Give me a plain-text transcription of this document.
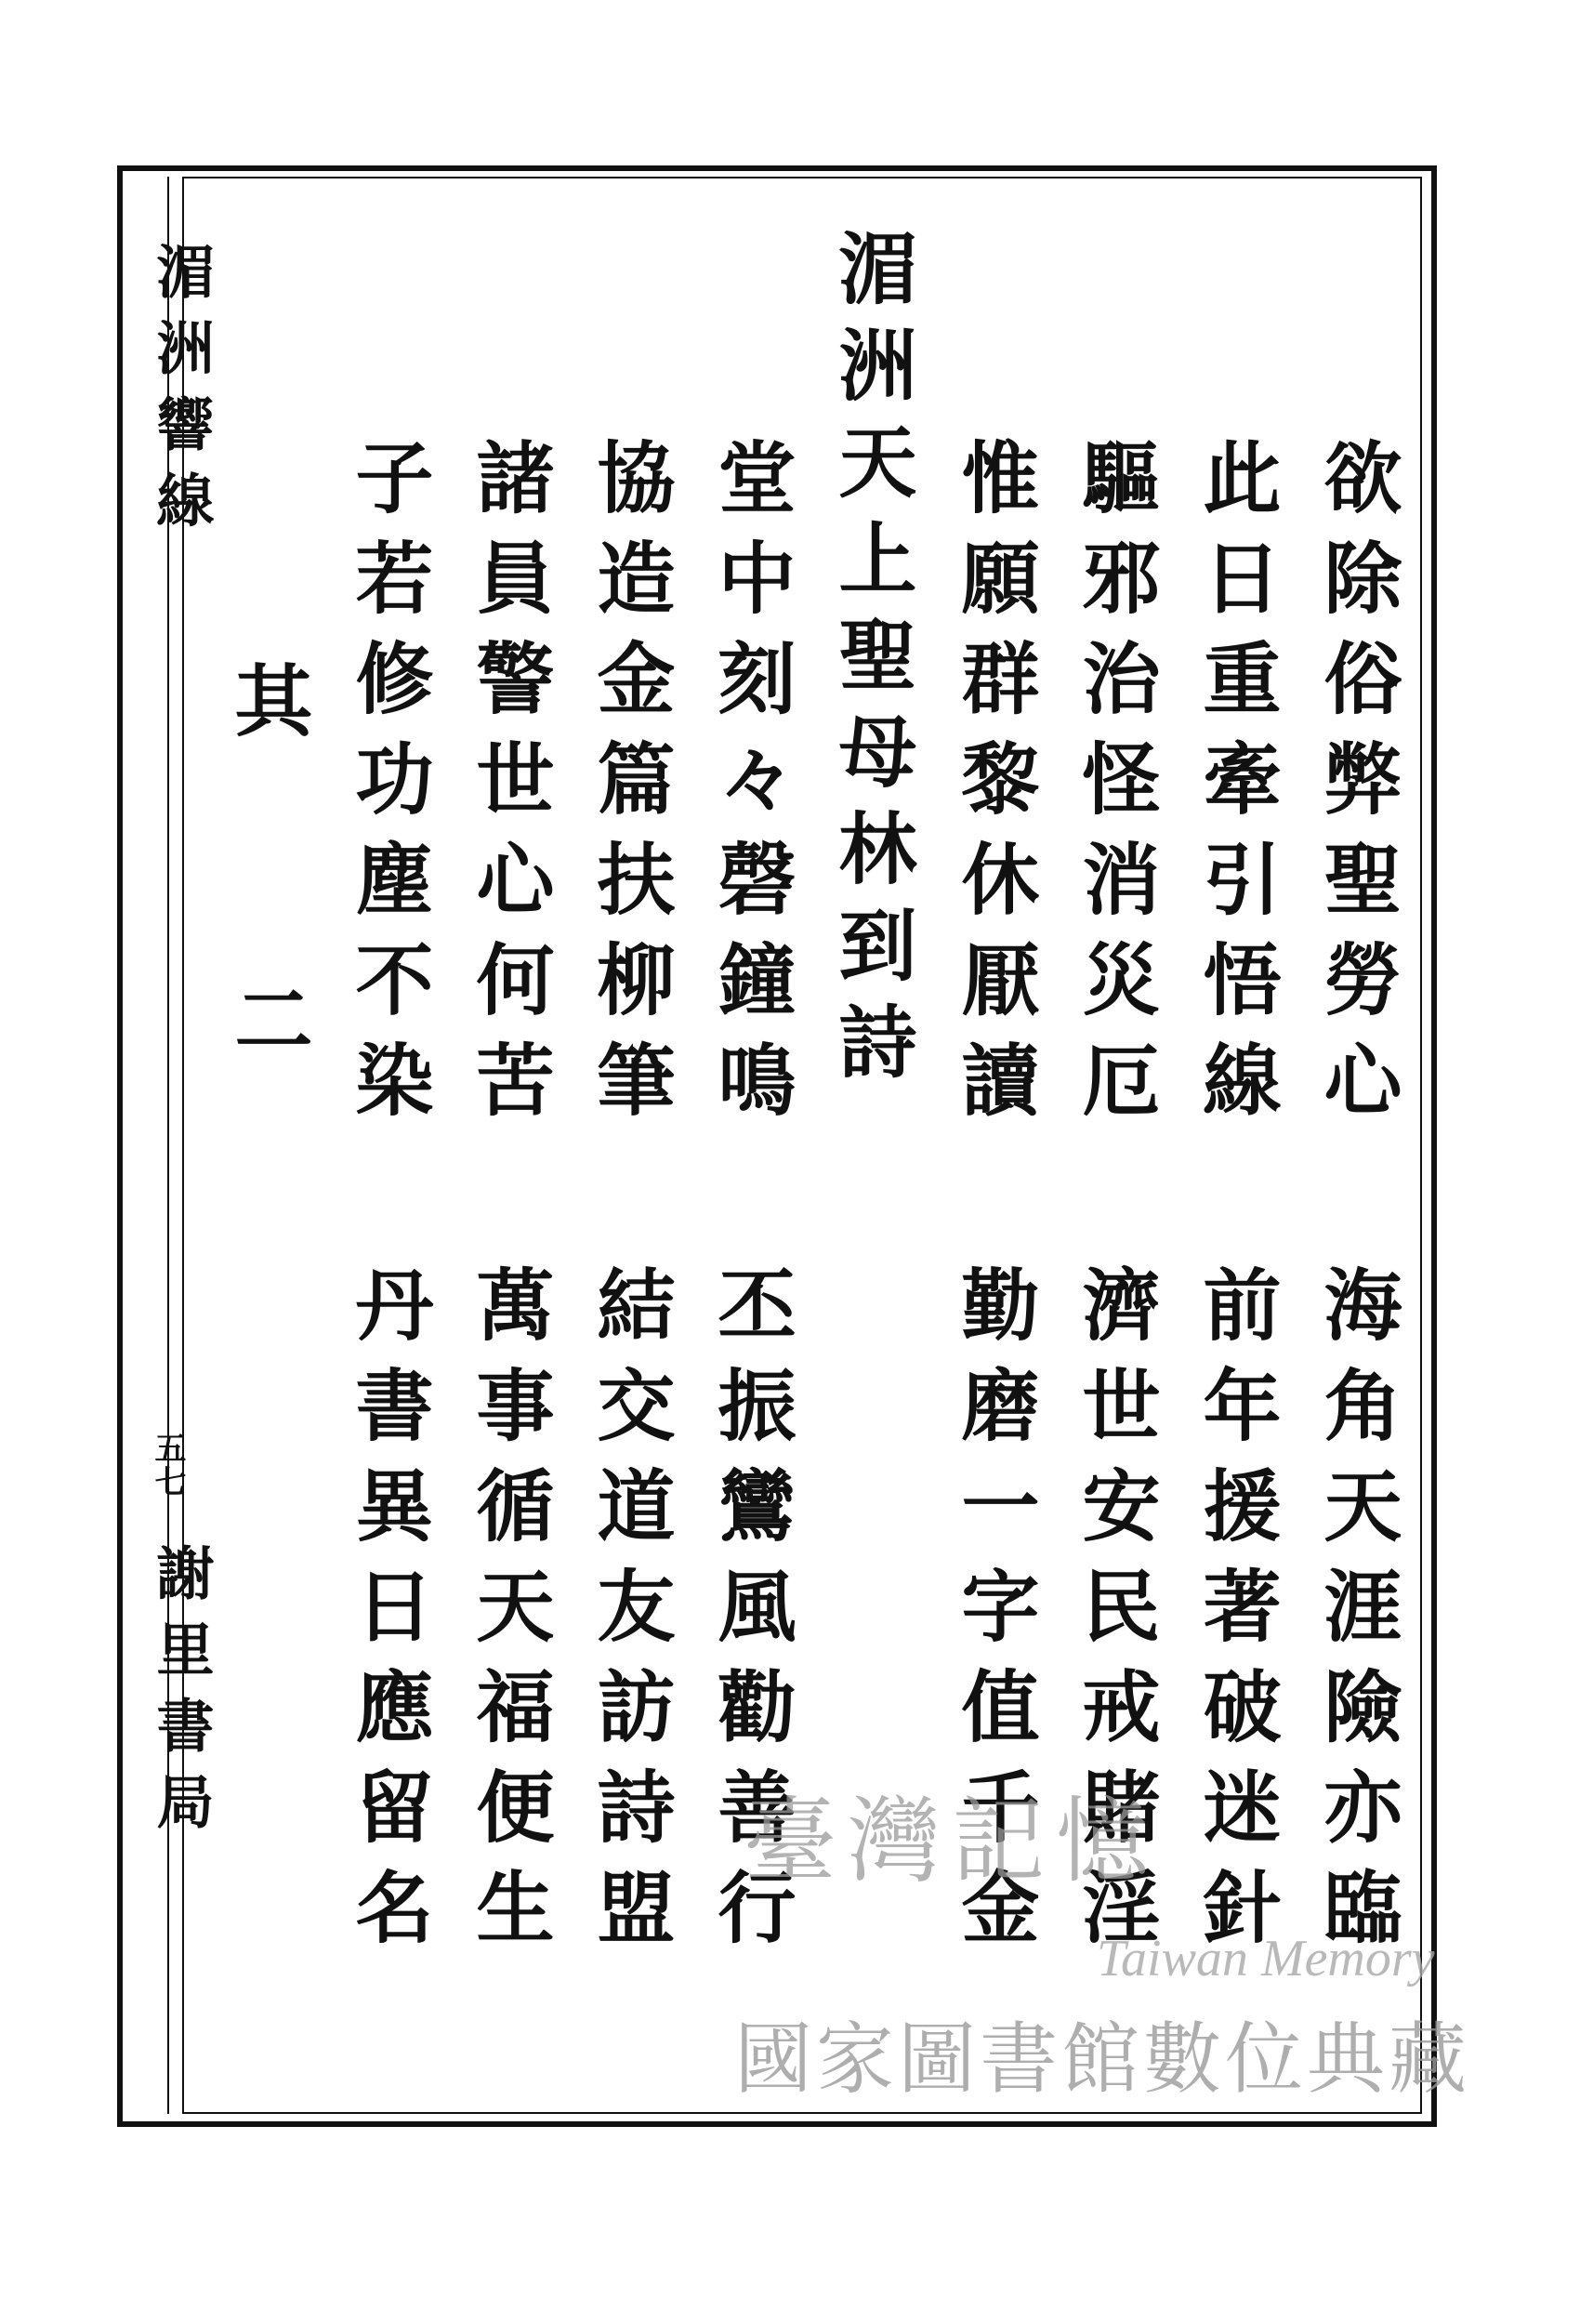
湄洲響線
五七
謝里書局
欲除俗弊聖勞心
此日重牽引悟線
驅邪治怪消災厄
惟願群黎休厭讀
湄洲天上聖母林到詩
堂中刻々磬鐘鳴
協造金篇扶柳筆
諸員警世心何苦
子若修功塵不染
其 二
海角天涯險亦臨
前年援著破迷針
濟世安民戒賭淫
勤磨一字值千金
丕振鸞風勸善行
結交道友訪詩盟
萬事循天福便生
丹書異日應留名	臺灣記憶
Taiwan Memory
國家圖書館數位典藏
